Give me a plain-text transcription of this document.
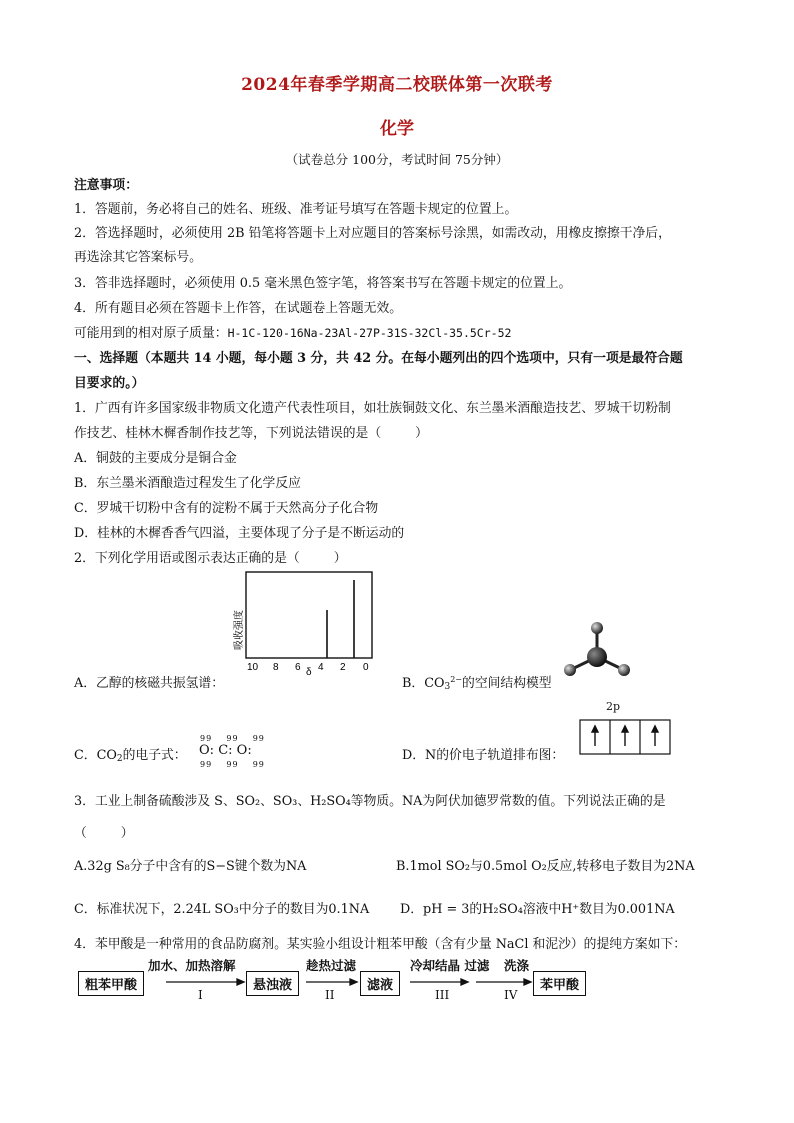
2024年春季学期高二校联体第一次联考
化学
（试卷总分 100分，考试时间 75分钟）
注意事项：
1．答题前，务必将自己的姓名、班级、准考证号填写在答题卡规定的位置上。
2．答选择题时，必须使用 2B 铅笔将答题卡上对应题目的答案标号涂黑，如需改动，用橡皮擦擦干净后，
再选涂其它答案标号。
3．答非选择题时，必须使用 0.5 毫米黑色签字笔，将答案书写在答题卡规定的位置上。
4．所有题目必须在答题卡上作答，在试题卷上答题无效。
可能用到的相对原子质量：H-1C-120-16Na-23Al-27P-31S-32Cl-35.5Cr-52
一、选择题（本题共 14 小题，每小题 3 分，共 42 分。在每小题列出的四个选项中，只有一项是最符合题
目要求的。）
1．广西有许多国家级非物质文化遗产代表性项目，如壮族铜鼓文化、东兰墨米酒酿造技艺、罗城干切粉制
作技艺、桂林木樨香制作技艺等，下列说法错误的是（	）
A．铜鼓的主要成分是铜合金
B．东兰墨米酒酿造过程发生了化学反应
C．罗城干切粉中含有的淀粉不属于天然高分子化合物
D．桂林的木樨香香气四溢，主要体现了分子是不断运动的
2．下列化学用语或图示表达正确的是（	）
A．乙醇的核磁共振氢谱：
吸收强度
10 8 6 4 2 0
δ
B．$CO_3^{2-}$的空间结构模型
C．$CO_2$的电子式：
99 99 99
O: C: O:
99 99 99
D．N的价电子轨道排布图：
2p
3．工业上制备硫酸涉及 S、SO₂、SO₃、H₂SO₄等物质。NA为阿伏加德罗常数的值。下列说法正确的是
（	）
A.32g S₈分子中含有的S−S键个数为NA	B.1mol SO₂与0.5mol O₂反应,转移电子数目为2NA
C．标准状况下，2.24L SO₃中分子的数目为0.1NA D．pH = 3的H₂SO₄溶液中H⁺数目为0.001NA
4．苯甲酸是一种常用的食品防腐剂。某实验小组设计粗苯甲酸（含有少量 NaCl 和泥沙）的提纯方案如下：
粗苯甲酸	悬浊液	滤液	苯甲酸
加水、加热溶解	趁热过滤	冷却结晶 过滤 洗涤
I	II	III	IV
